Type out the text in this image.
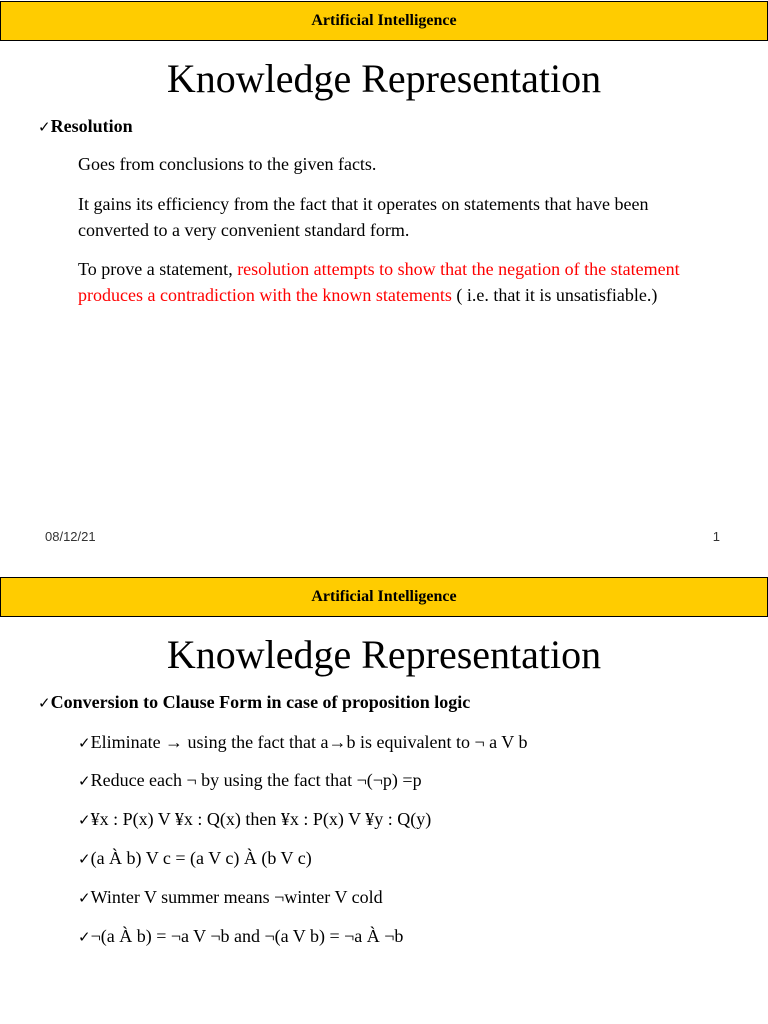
Artificial Intelligence
Knowledge Representation
✓Resolution
Goes from conclusions to the given facts.
It gains its efficiency from the fact that it operates on statements that have been converted to a very convenient standard form.
To prove a statement, resolution attempts to show that the negation of the statement produces a contradiction with the known statements ( i.e. that it is unsatisfiable.)
08/12/21	1
Artificial Intelligence
Knowledge Representation
✓Conversion to Clause Form in case of proposition logic
✓Eliminate → using the fact that a→b is equivalent to ¬ a V b
✓Reduce each ¬ by using the fact that ¬(¬p) =p
✓¥x : P(x) V ¥x : Q(x) then ¥x : P(x) V ¥y : Q(y)
✓(a À b) V c = (a V c) À (b V c)
✓Winter V summer means ¬winter V cold
✓¬(a À b) = ¬a V ¬b and ¬(a V b) = ¬a À ¬b
